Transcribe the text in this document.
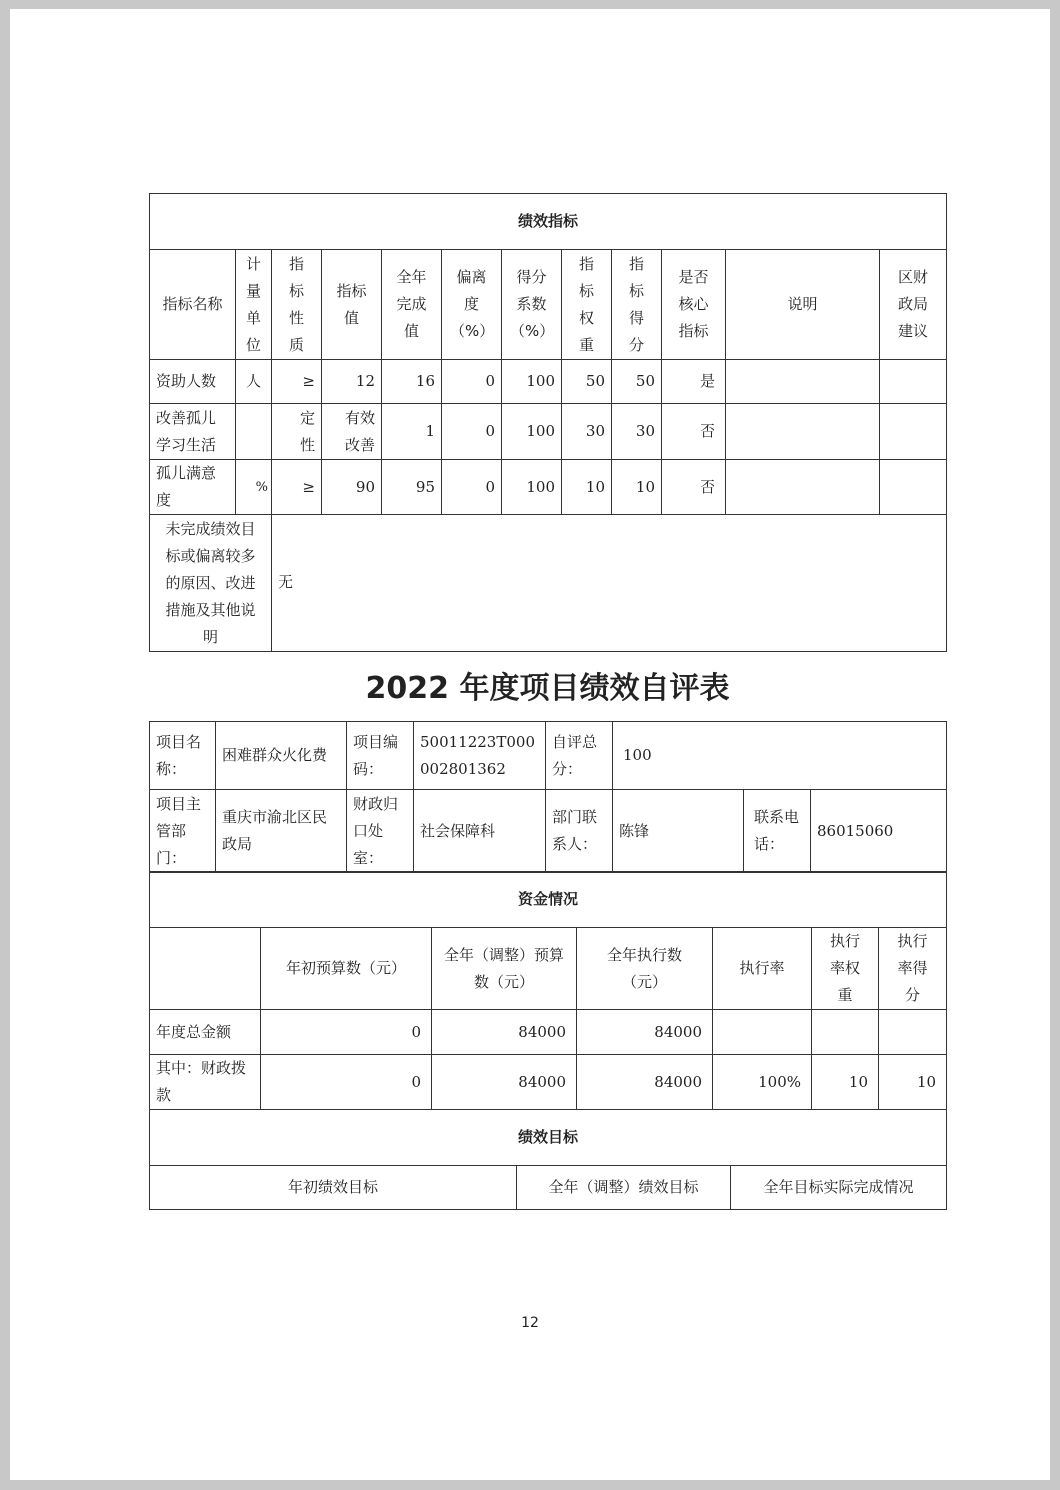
绩效指标											
指标名称	计量单位	指标性质	指标值	全年完成值	偏离度（%）	得分系数（%）	指标权重	指标得分	是否核心指标	说明	区财政局建议
资助人数	人	≥	12	16	0	100	50	50	是		
改善孤儿学习生活		定性	有效改善	1	0	100	30	30	否		
孤儿满意度	%	≥	90	95	0	100	10	10	否		
未完成绩效目标或偏离较多的原因、改进措施及其他说明		无									
2022 年度项目绩效自评表
项目名称：	困难群众火化费	项目编码：	50011223T000002801362	自评总分：	100		
项目主管部门：	重庆市渝北区民政局	财政归口处室：	社会保障科	部门联系人：	陈锋	联系电话：	86015060
资金情况						
	年初预算数（元）	全年（调整）预算数（元）	全年执行数（元）	执行率	执行率权重	执行率得分
年度总金额	0	84000	84000			
其中：财政拨款	0	84000	84000	100%	10	10
绩效目标
年初绩效目标	全年（调整）绩效目标	全年目标实际完成情况
12
